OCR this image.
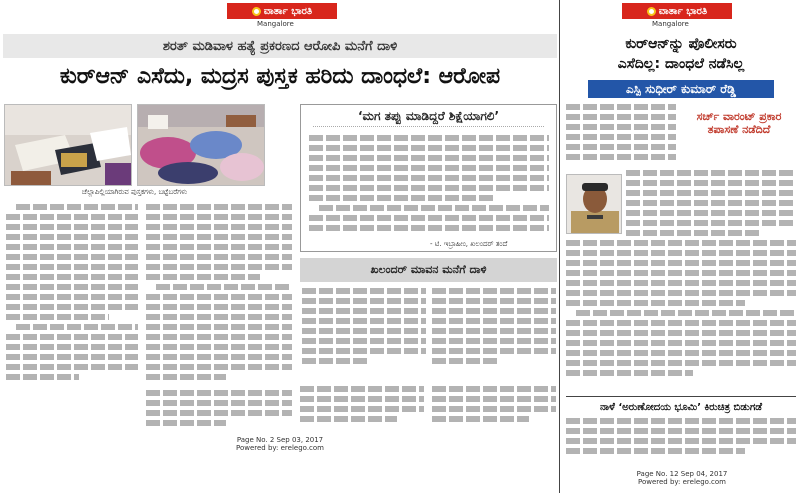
ವಾರ್ತಾ ಭಾರತಿ
Mangalore
ಶರತ್ ಮಡಿವಾಳ ಹತ್ಯೆ ಪ್ರಕರಣದ ಆರೋಪಿ ಮನೆಗೆ ದಾಳಿ
ಕುರ್‌ಆನ್ ಎಸೆದು, ಮದ್ರಸ ಪುಸ್ತಕ ಹರಿದು ದಾಂಧಲೆ: ಆರೋಪ
ಚೆಲ್ಲಾಪಿಲ್ಲಿಯಾಗಿರುವ ಪುಸ್ತಕಗಳು, ಬಟ್ಟೆಬರೆಗಳು
‘ಮಗ ತಪ್ಪು ಮಾಡಿದ್ದರೆ ಶಿಕ್ಷೆಯಾಗಲಿ’
- ಟಿ. ಇಬ್ರಾಹೀಂ, ಖಲಂದರ್ ತಂದೆ
ಖಲಂದರ್ ಮಾವನ ಮನೆಗೆ ದಾಳಿ
Page No. 2 Sep 03, 2017
Powered by: erelego.com
ವಾರ್ತಾ ಭಾರತಿ
Mangalore
ಕುರ್‌ಆನ್‌ನ್ನು ಪೊಲೀಸರು
ಎಸೆದಿಲ್ಲ: ದಾಂಧಲೆ ನಡೆಸಿಲ್ಲ
ಎಸ್ಪಿ ಸುಧೀರ್ ಕುಮಾರ್ ರೆಡ್ಡಿ
ಸರ್ಚ್ ವಾರಂಟ್ ಪ್ರಕಾರ ತಪಾಸಣೆ ನಡೆದಿದೆ
ನಾಳೆ ‘ಅರುಣೋದಯ ಭೂಮಿ’ ಕಿರುಚಿತ್ರ ಬಿಡುಗಡೆ
Page No. 12 Sep 04, 2017
Powered by: erelego.com
